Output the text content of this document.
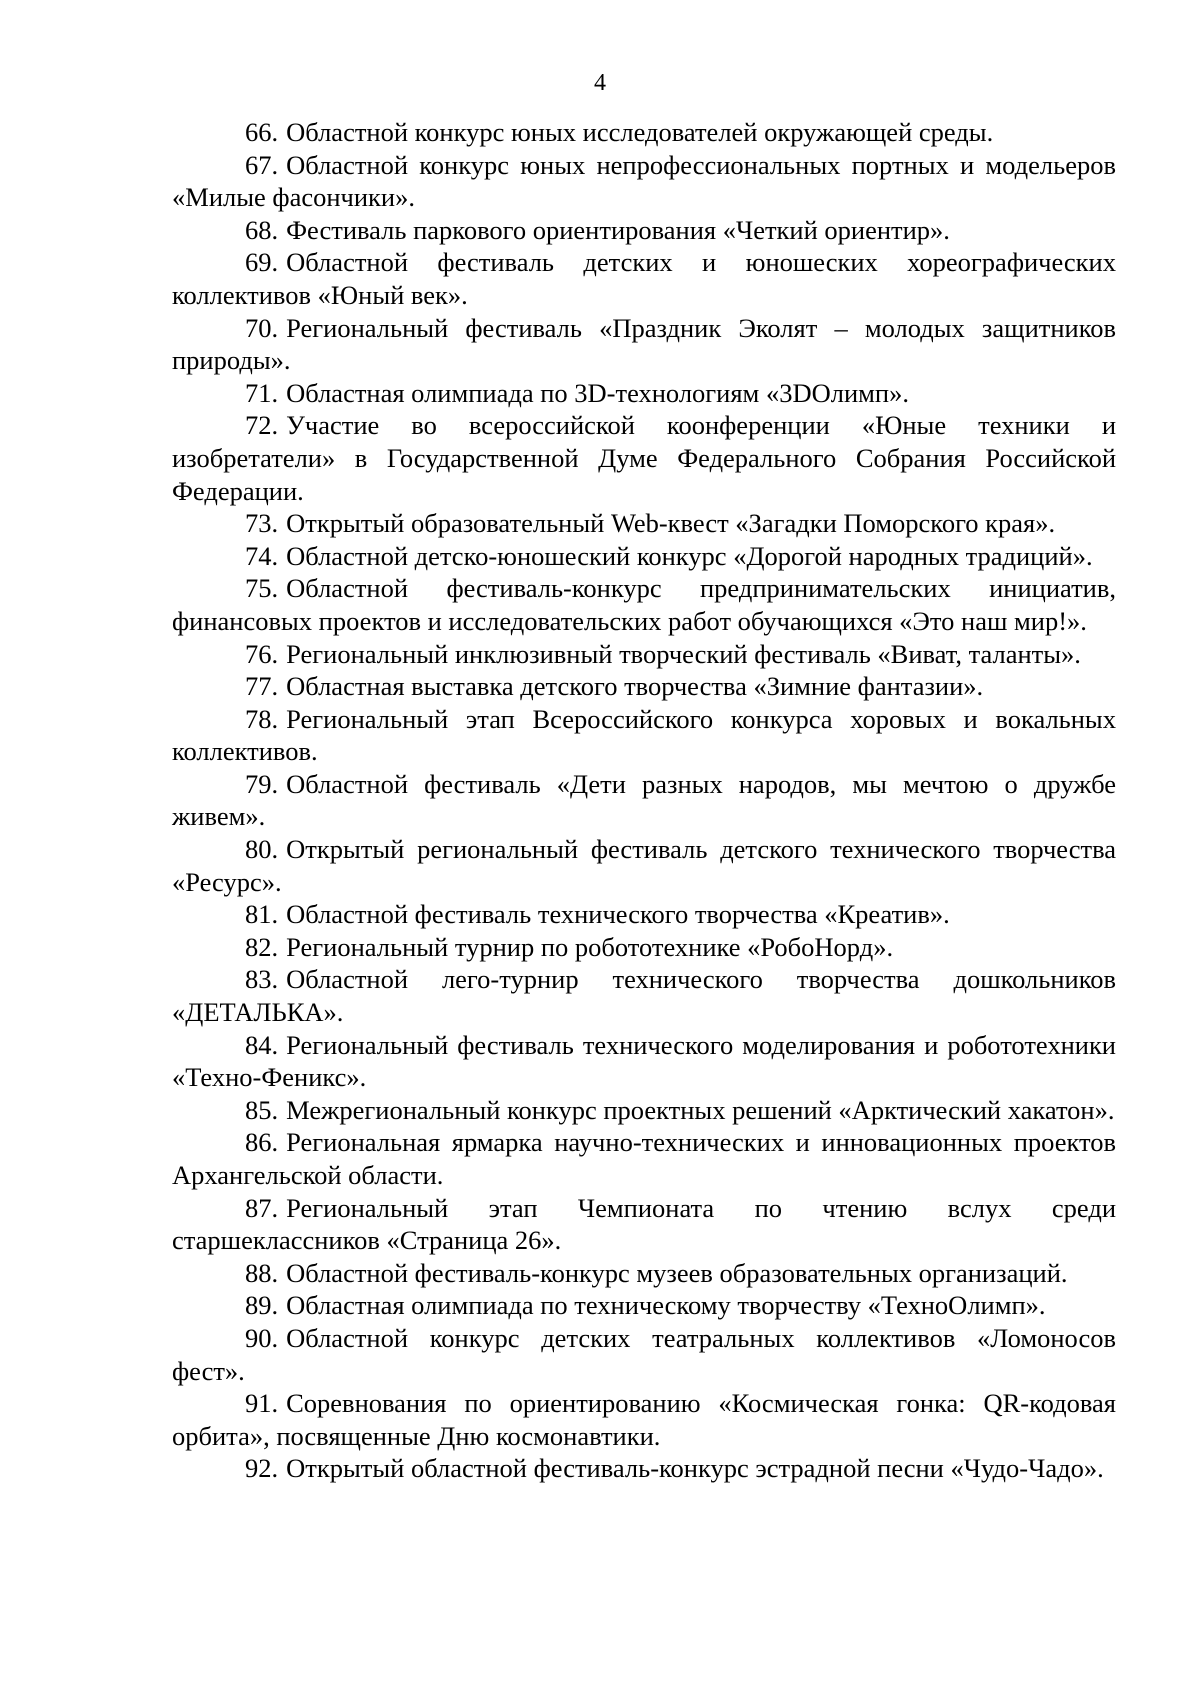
4

66. Областной конкурс юных исследователей окружающей среды.

67. Областной конкурс юных непрофессиональных портных и модельеров «Милые фасончики».

68. Фестиваль паркового ориентирования «Четкий ориентир».

69. Областной фестиваль детских и юношеских хореографических коллективов «Юный век».

70. Региональный фестиваль «Праздник Эколят – молодых защитников природы».

71. Областная олимпиада по 3D-технологиям «3DОлимп».

72. Участие во всероссийской коонференции «Юные техники и изобретатели» в Государственной Думе Федерального Собрания Российской Федерации.

73. Открытый образовательный Web-квест «Загадки Поморского края».

74. Областной детско-юношеский конкурс «Дорогой народных традиций».

75. Областной фестиваль-конкурс предпринимательских инициатив, финансовых проектов и исследовательских работ обучающихся «Это наш мир!».

76. Региональный инклюзивный творческий фестиваль «Виват, таланты».

77. Областная выставка детского творчества «Зимние фантазии».

78. Региональный этап Всероссийского конкурса хоровых и вокальных коллективов.

79. Областной фестиваль «Дети разных народов, мы мечтою о дружбе живем».

80. Открытый региональный фестиваль детского технического творчества «Ресурс».

81. Областной фестиваль технического творчества «Креатив».

82. Региональный турнир по робототехнике «РобоНорд».

83. Областной лего-турнир технического творчества дошкольников «ДЕТАЛЬКА».

84. Региональный фестиваль технического моделирования и робототехники «Техно-Феникс».

85. Межрегиональный конкурс проектных решений «Арктический хакатон».

86. Региональная ярмарка научно-технических и инновационных проектов Архангельской области.

87. Региональный этап Чемпионата по чтению вслух среди старшеклассников «Страница 26».

88. Областной фестиваль-конкурс музеев образовательных организаций.

89. Областная олимпиада по техническому творчеству «ТехноОлимп».

90. Областной конкурс детских театральных коллективов «Ломоносов фест».

91. Соревнования по ориентированию «Космическая гонка: QR-кодовая орбита», посвященные Дню космонавтики.

92. Открытый областной фестиваль-конкурс эстрадной песни «Чудо-Чадо».
